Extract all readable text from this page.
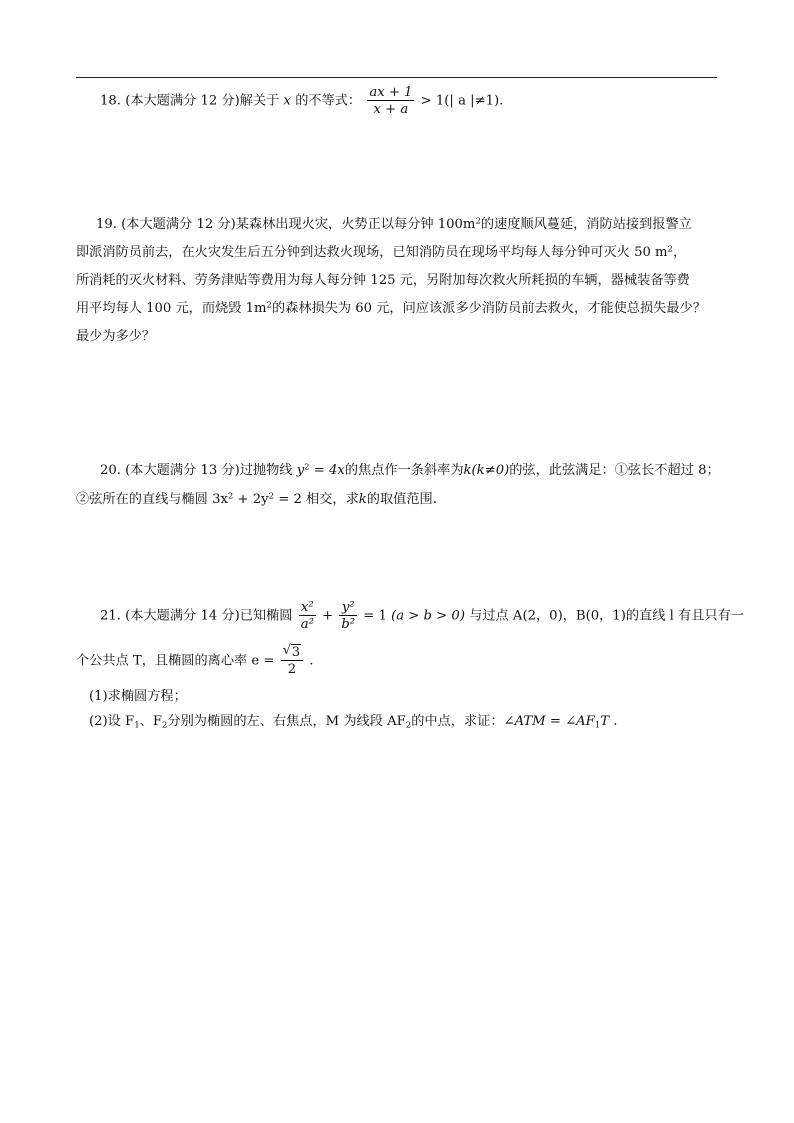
18. (本大题满分 12 分)解关于 x 的不等式： $\frac{ax + 1}{x + a} > 1(|$ a |≠1).
19. (本大题满分 12 分)某森林出现火灾，火势正以每分钟 $100m^2$的速度顺风蔓延，消防站接到报警立
即派消防员前去，在火灾发生后五分钟到达救火现场，已知消防员在现场平均每人每分钟可灭火 50 $m^2$，
所消耗的灭火材料、劳务津贴等费用为每人每分钟 125 元，另附加每次救火所耗损的车辆，器械装备等费
用平均每人 100 元，而烧毁 $1m^2$的森林损失为 60 元，问应该派多少消防员前去救火，才能使总损失最少？
最少为多少？
20. (本大题满分 13 分)过抛物线 $y^2 = 4x$的焦点作一条斜率为k(k≠0)的弦，此弦满足：①弦长不超过 8；
②弦所在的直线与椭圆 $3x^2 + 2y^2 = 2$ 相交，求k的取值范围.
21. (本大题满分 14 分)已知椭圆 $\frac{\text{x²}}{\text{a²}} + \frac{\text{y²}}{\text{b²}} = 1$ (a > b > 0) 与过点 A(2，0)，B(0，1)的直线 l 有且只有一
个公共点 T，且椭圆的离心率 $e = \frac{√ 3}{2}$ .
(1)求椭圆方程；
(2)设 $F_1$、$F_2$分别为椭圆的左、右焦点，M 为线段 $AF_2$的中点，求证：∠ATM = $\angle AF_1T$ .
